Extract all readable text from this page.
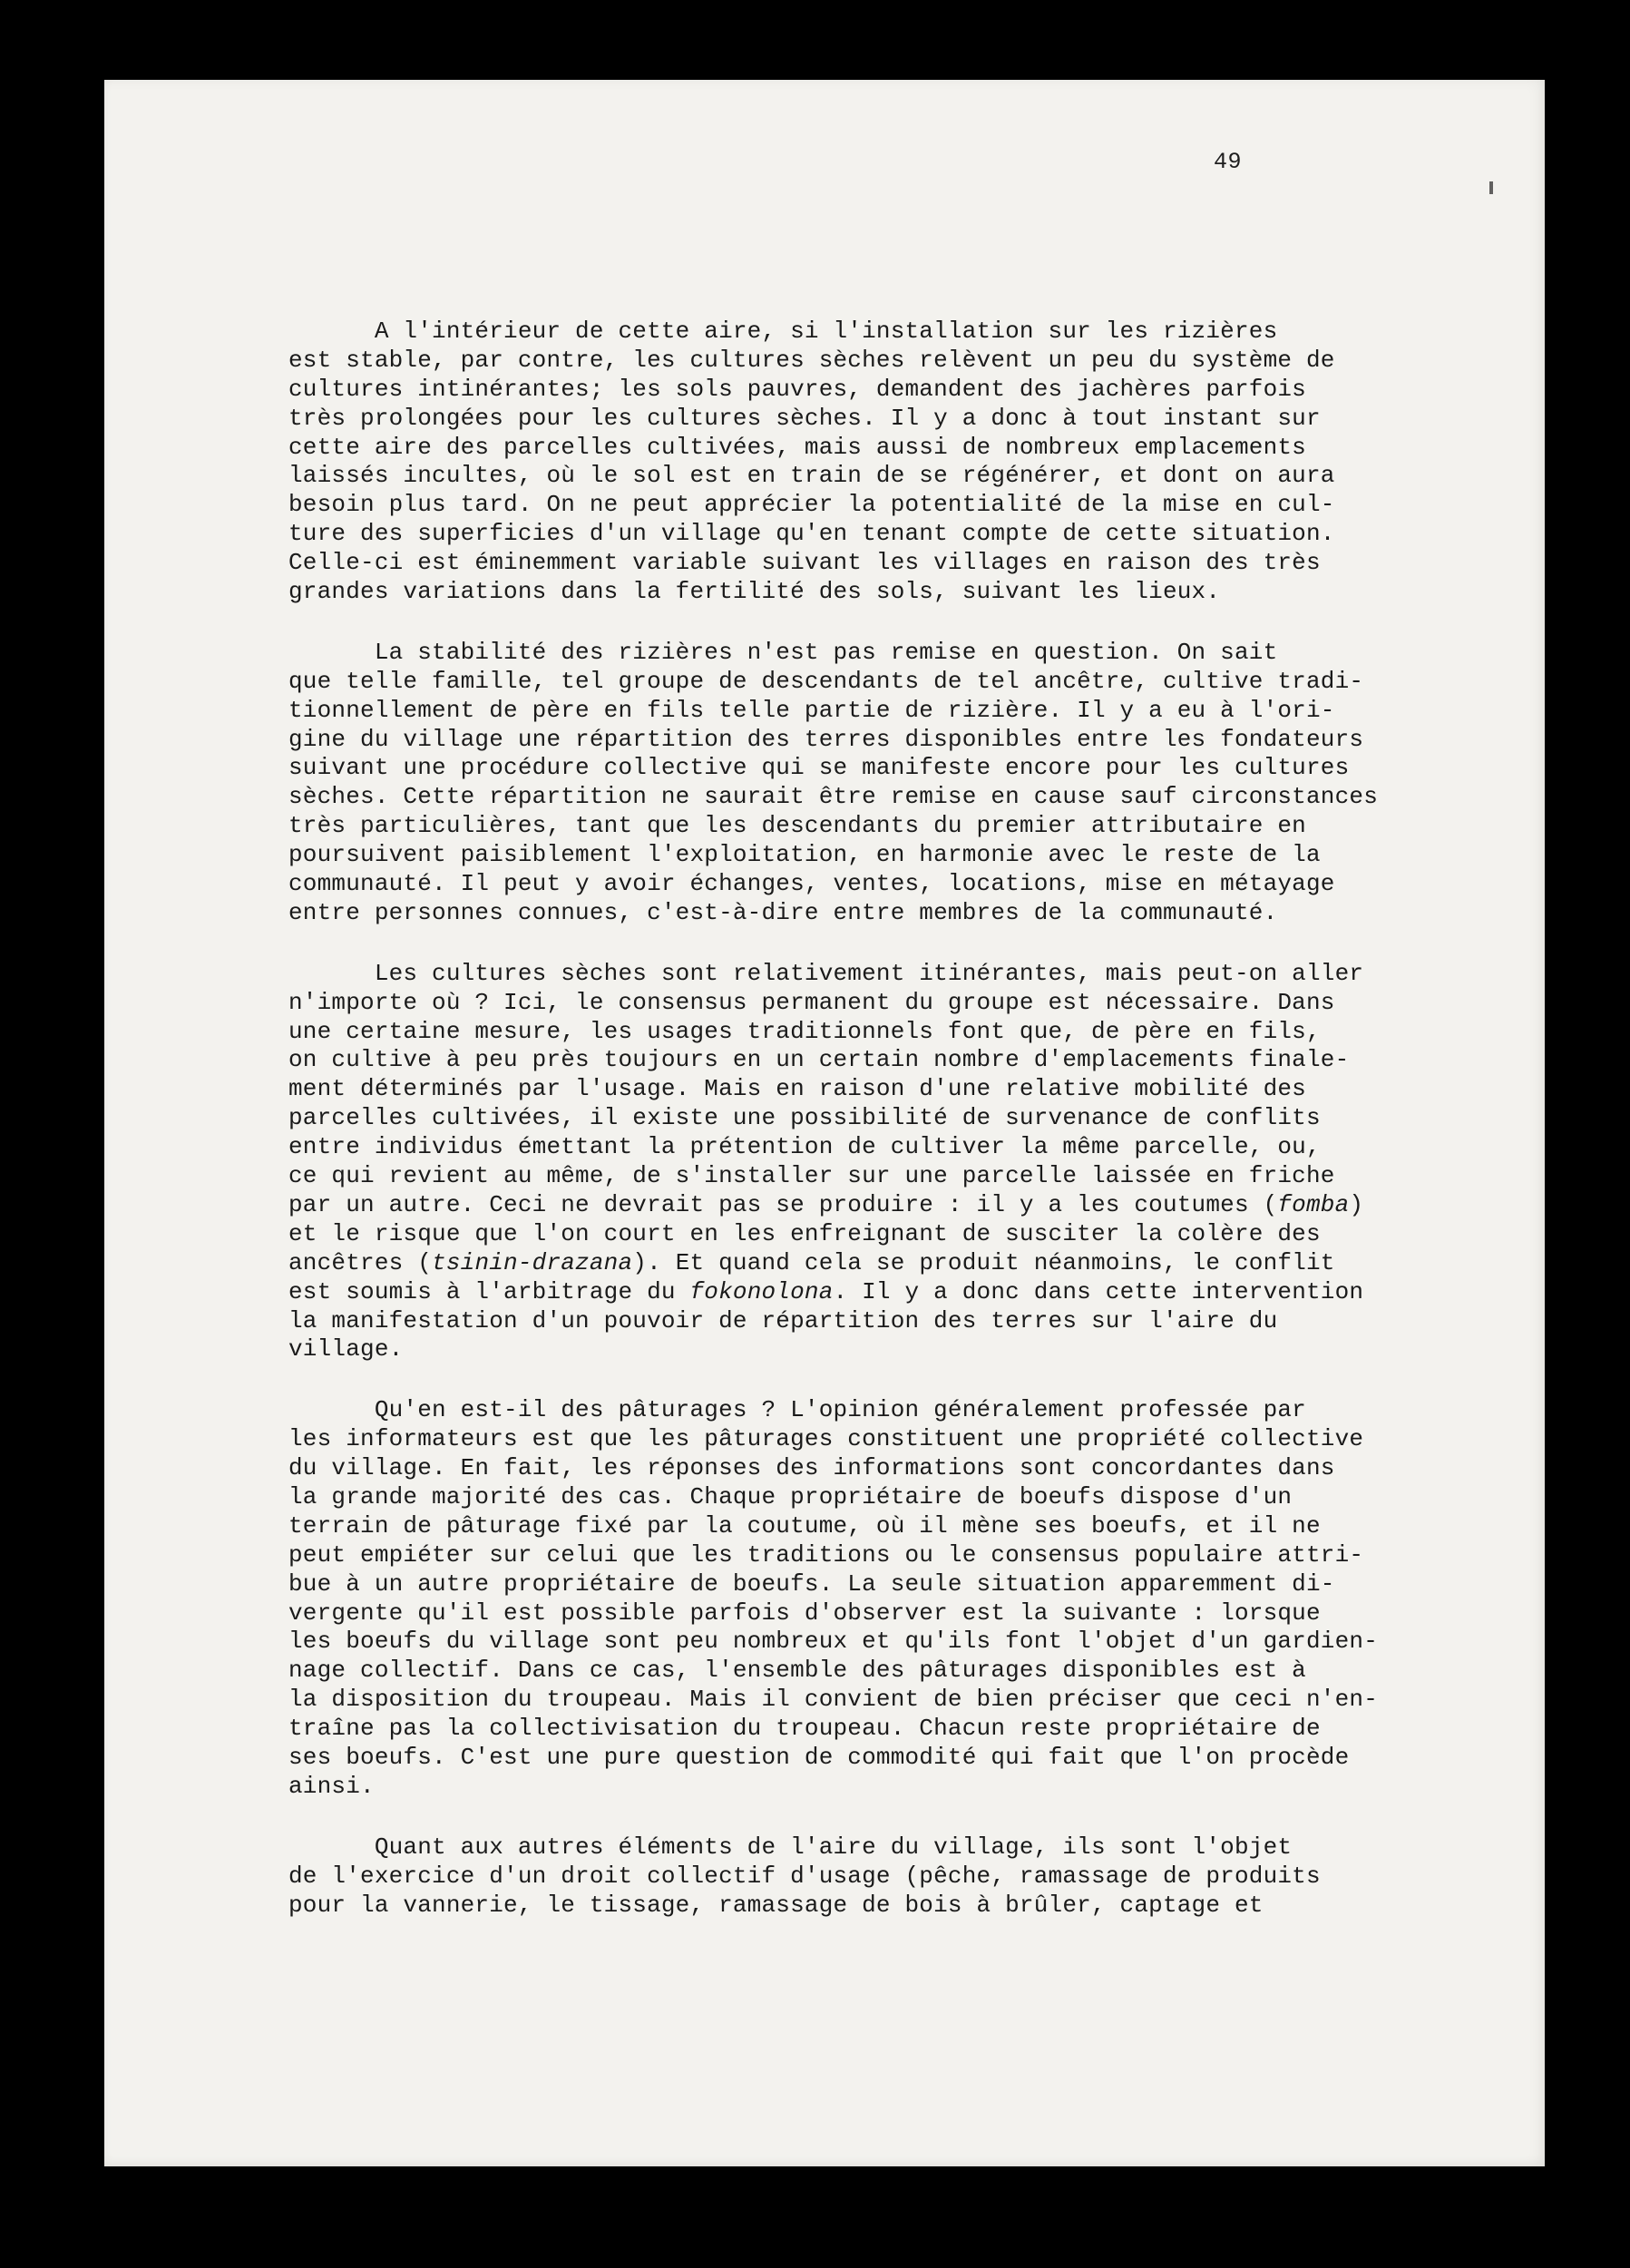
49

A l'intérieur de cette aire, si l'installation sur les rizières
est stable, par contre, les cultures sèches relèvent un peu du système de
cultures intinérantes; les sols pauvres, demandent des jachères parfois
très prolongées pour les cultures sèches. Il y a donc à tout instant sur
cette aire des parcelles cultivées, mais aussi de nombreux emplacements
laissés incultes, où le sol est en train de se régénérer, et dont on aura
besoin plus tard. On ne peut apprécier la potentialité de la mise en cul-
ture des superficies d'un village qu'en tenant compte de cette situation.
Celle-ci est éminemment variable suivant les villages en raison des très
grandes variations dans la fertilité des sols, suivant les lieux.
La stabilité des rizières n'est pas remise en question. On sait
que telle famille, tel groupe de descendants de tel ancêtre, cultive tradi-
tionnellement de père en fils telle partie de rizière. Il y a eu à l'ori-
gine du village une répartition des terres disponibles entre les fondateurs
suivant une procédure collective qui se manifeste encore pour les cultures
sèches. Cette répartition ne saurait être remise en cause sauf circonstances
très particulières, tant que les descendants du premier attributaire en
poursuivent paisiblement l'exploitation, en harmonie avec le reste de la
communauté. Il peut y avoir échanges, ventes, locations, mise en métayage
entre personnes connues, c'est-à-dire entre membres de la communauté.
Les cultures sèches sont relativement itinérantes, mais peut-on aller
n'importe où ? Ici, le consensus permanent du groupe est nécessaire. Dans
une certaine mesure, les usages traditionnels font que, de père en fils,
on cultive à peu près toujours en un certain nombre d'emplacements finale-
ment déterminés par l'usage. Mais en raison d'une relative mobilité des
parcelles cultivées, il existe une possibilité de survenance de conflits
entre individus émettant la prétention de cultiver la même parcelle, ou,
ce qui revient au même, de s'installer sur une parcelle laissée en friche
par un autre. Ceci ne devrait pas se produire : il y a les coutumes (fomba)
et le risque que l'on court en les enfreignant de susciter la colère des
ancêtres (tsinin-drazana). Et quand cela se produit néanmoins, le conflit
est soumis à l'arbitrage du fokonolona. Il y a donc dans cette intervention
la manifestation d'un pouvoir de répartition des terres sur l'aire du
village.
Qu'en est-il des pâturages ? L'opinion généralement professée par
les informateurs est que les pâturages constituent une propriété collective
du village. En fait, les réponses des informations sont concordantes dans
la grande majorité des cas. Chaque propriétaire de boeufs dispose d'un
terrain de pâturage fixé par la coutume, où il mène ses boeufs, et il ne
peut empiéter sur celui que les traditions ou le consensus populaire attri-
bue à un autre propriétaire de boeufs. La seule situation apparemment di-
vergente qu'il est possible parfois d'observer est la suivante : lorsque
les boeufs du village sont peu nombreux et qu'ils font l'objet d'un gardien-
nage collectif. Dans ce cas, l'ensemble des pâturages disponibles est à
la disposition du troupeau. Mais il convient de bien préciser que ceci n'en-
traîne pas la collectivisation du troupeau. Chacun reste propriétaire de
ses boeufs. C'est une pure question de commodité qui fait que l'on procède
ainsi.
Quant aux autres éléments de l'aire du village, ils sont l'objet
de l'exercice d'un droit collectif d'usage (pêche, ramassage de produits
pour la vannerie, le tissage, ramassage de bois à brûler, captage et
